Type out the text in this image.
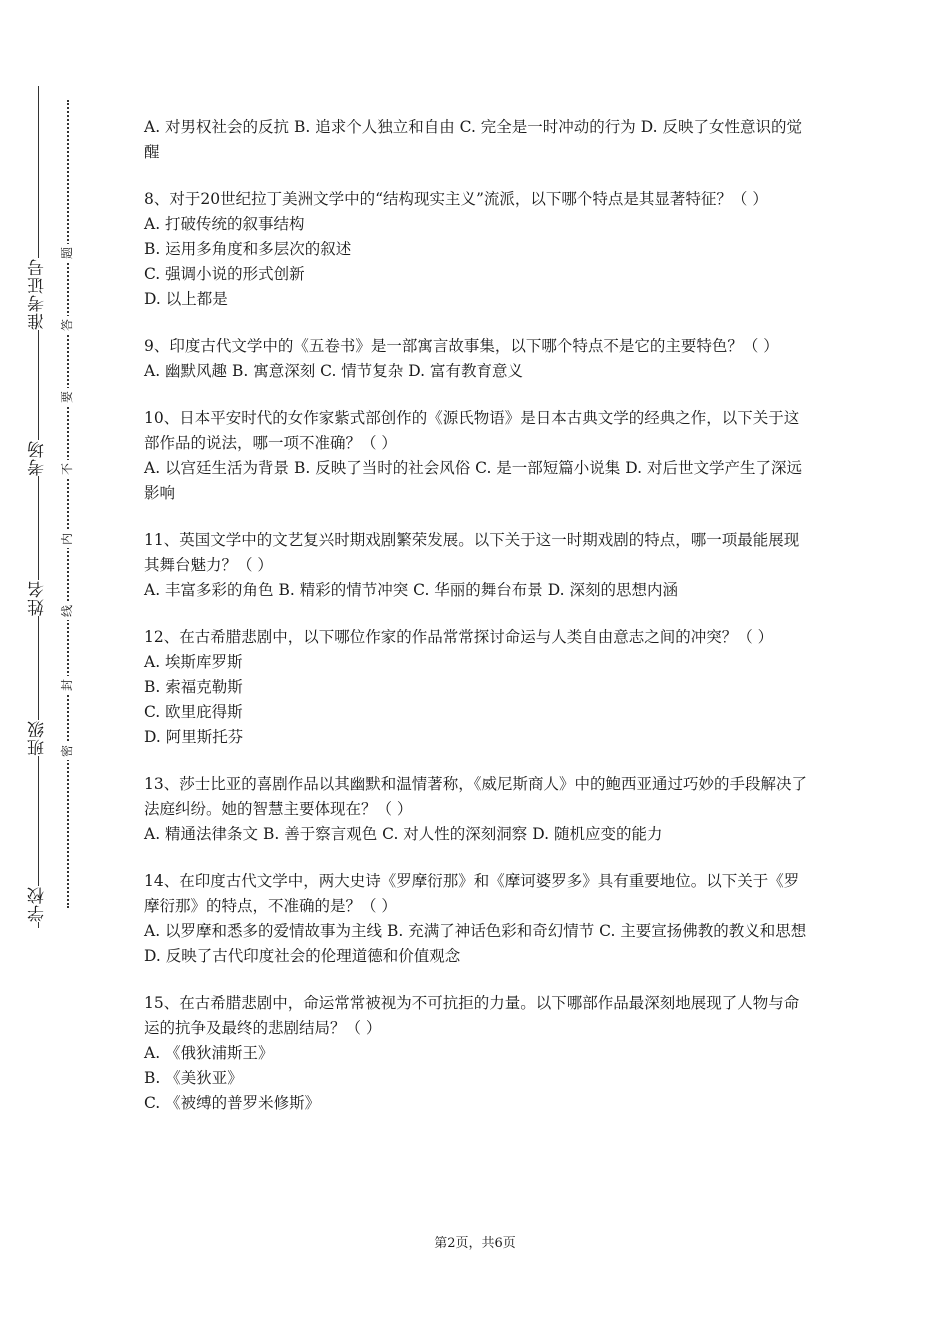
准考证号
考场
姓名
班级
学校
密
封
线
内
不
要
答
题

A. 对男权社会的反抗 B. 追求个人独立和自由 C. 完全是一时冲动的行为 D. 反映了女性意识的觉醒

8、对于20世纪拉丁美洲文学中的“结构现实主义”流派，以下哪个特点是其显著特征？（ ）

A. 打破传统的叙事结构

B. 运用多角度和多层次的叙述

C. 强调小说的形式创新

D. 以上都是

9、印度古代文学中的《五卷书》是一部寓言故事集，以下哪个特点不是它的主要特色？（ ）

A. 幽默风趣 B. 寓意深刻 C. 情节复杂 D. 富有教育意义

10、日本平安时代的女作家紫式部创作的《源氏物语》是日本古典文学的经典之作，以下关于这部作品的说法，哪一项不准确？（ ）

A. 以宫廷生活为背景 B. 反映了当时的社会风俗 C. 是一部短篇小说集 D. 对后世文学产生了深远影响

11、英国文学中的文艺复兴时期戏剧繁荣发展。以下关于这一时期戏剧的特点，哪一项最能展现其舞台魅力？（ ）

A. 丰富多彩的角色 B. 精彩的情节冲突 C. 华丽的舞台布景 D. 深刻的思想内涵

12、在古希腊悲剧中，以下哪位作家的作品常常探讨命运与人类自由意志之间的冲突？（ ）

A. 埃斯库罗斯

B. 索福克勒斯

C. 欧里庇得斯

D. 阿里斯托芬

13、莎士比亚的喜剧作品以其幽默和温情著称，《威尼斯商人》中的鲍西亚通过巧妙的手段解决了法庭纠纷。她的智慧主要体现在？（ ）

A. 精通法律条文 B. 善于察言观色 C. 对人性的深刻洞察 D. 随机应变的能力

14、在印度古代文学中，两大史诗《罗摩衍那》和《摩诃婆罗多》具有重要地位。以下关于《罗摩衍那》的特点，不准确的是？（ ）

A. 以罗摩和悉多的爱情故事为主线 B. 充满了神话色彩和奇幻情节 C. 主要宣扬佛教的教义和思想 D. 反映了古代印度社会的伦理道德和价值观念

15、在古希腊悲剧中，命运常常被视为不可抗拒的力量。以下哪部作品最深刻地展现了人物与命运的抗争及最终的悲剧结局？（ ）

A. 《俄狄浦斯王》

B. 《美狄亚》

C. 《被缚的普罗米修斯》

第2页，共6页
